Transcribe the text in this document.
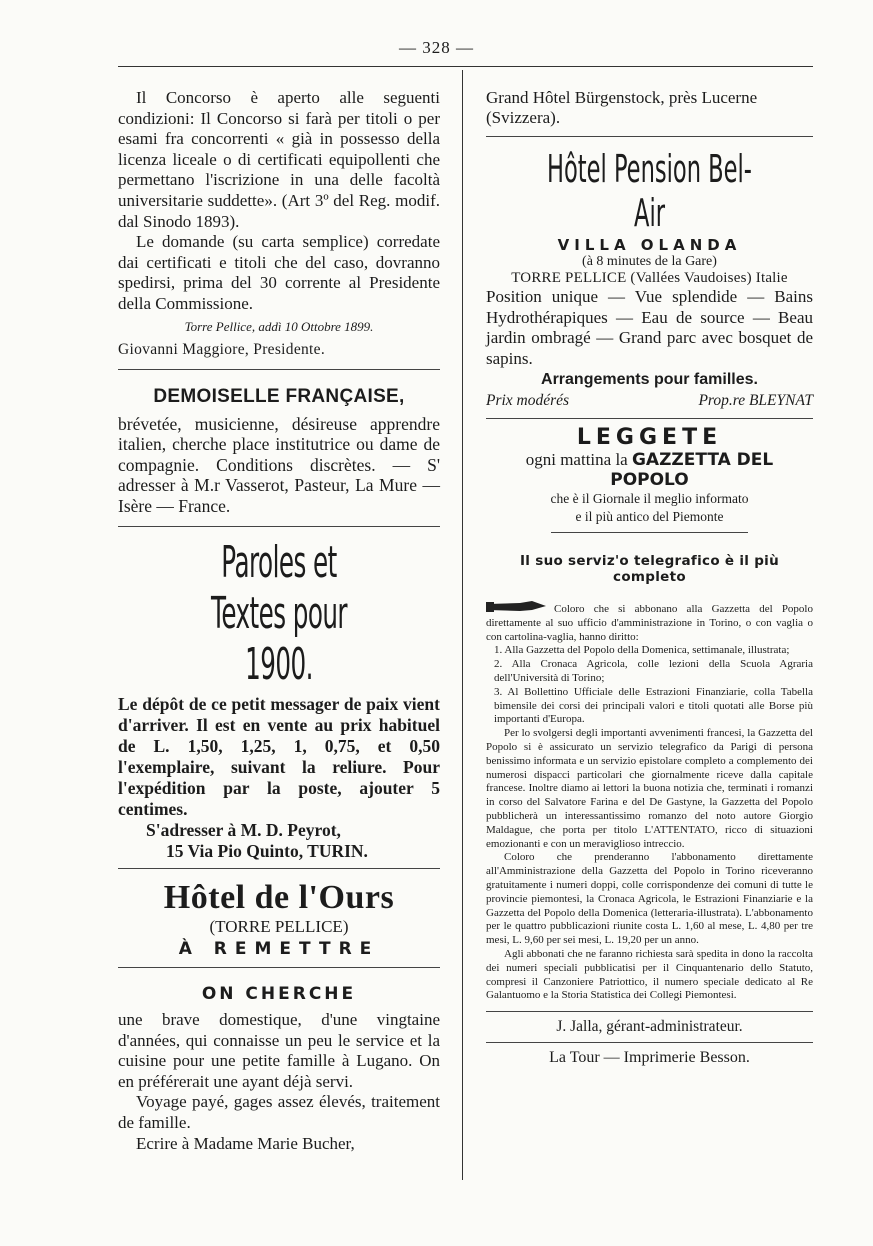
— 328 —

Il Concorso è aperto alle seguenti condizioni: Il Concorso si farà per titoli o per esami fra concorrenti « già in possesso della licenza liceale o di certificati equipollenti che permettano l'iscrizione in una delle facoltà universitarie suddette». (Art 3º del Reg. modif. dal Sinodo 1893).

Le domande (su carta semplice) corredate dai certificati e titoli che del caso, dovranno spedirsi, prima del 30 corrente al Presidente della Commissione.

Torre Pellice, addì 10 Ottobre 1899.

Giovanni Maggiore, Presidente.

DEMOISELLE FRANÇAISE,

brévetée, musicienne, désireuse apprendre italien, cherche place institutrice ou dame de compagnie. Conditions discrètes. — S' adresser à M.r Vasserot, Pasteur, La Mure — Isère — France.

Paroles et Textes pour 1900.

Le dépôt de ce petit messager de paix vient d'arriver. Il est en vente au prix habituel de L. 1,50, 1,25, 1, 0,75, et 0,50 l'exemplaire, suivant la reliure. Pour l'expédition par la poste, ajouter 5 centimes.

S'adresser à M. D. Peyrot,

15 Via Pio Quinto, TURIN.

Hôtel de l'Ours

(TORRE PELLICE)

À REMETTRE

ON CHERCHE

une brave domestique, d'une vingtaine d'années, qui connaisse un peu le service et la cuisine pour une petite famille à Lugano. On en préférerait une ayant déjà servi.

Voyage payé, gages assez élevés, traitement de famille.

Ecrire à Madame Marie Bucher,

Grand Hôtel Bürgenstock, près Lucerne (Svizzera).

Hôtel Pension Bel-Air

VILLA OLANDA

(à 8 minutes de la Gare)

TORRE PELLICE (Vallées Vaudoises) Italie

Position unique — Vue splendide — Bains Hydrothérapiques — Eau de source — Beau jardin ombragé — Grand parc avec bosquet de sapins.

Arrangements pour familles.

Prix modérés	Prop.re BLEYNAT

LEGGETE

ogni mattina la GAZZETTA DEL POPOLO

che è il Giornale il meglio informato

e il più antico del Piemonte

Il suo serviz'o telegrafico è il più completo

Coloro che si abbonano alla Gazzetta del Popolo direttamente al suo ufficio d'amministrazione in Torino, o con vaglia o con cartolina-vaglia, hanno diritto:

1. Alla Gazzetta del Popolo della Domenica, settimanale, illustrata;

2. Alla Cronaca Agricola, colle lezioni della Scuola Agraria dell'Università di Torino;

3. Al Bollettino Ufficiale delle Estrazioni Finanziarie, colla Tabella bimensile dei corsi dei principali valori e titoli quotati alle Borse più importanti d'Europa.

Per lo svolgersi degli importanti avvenimenti francesi, la Gazzetta del Popolo si è assicurato un servizio telegrafico da Parigi di persona benissimo informata e un servizio epistolare completo a complemento dei numerosi dispacci particolari che giornalmente riceve dalla capitale francese. Inoltre diamo ai lettori la buona notizia che, terminati i romanzi in corso del Salvatore Farina e del De Gastyne, la Gazzetta del Popolo pubblicherà un interessantissimo romanzo del noto autore Giorgio Maldague, che porta per titolo L'ATTENTATO, ricco di situazioni emozionanti e con un meraviglioso intreccio.

Coloro che prenderanno l'abbonamento direttamente all'Amministrazione della Gazzetta del Popolo in Torino riceveranno gratuitamente i numeri doppi, colle corrispondenze dei comuni di tutte le provincie piemontesi, la Cronaca Agricola, le Estrazioni Finanziarie e la Gazzetta del Popolo della Domenica (letteraria-illustrata). L'abbonamento per le quattro pubblicazioni riunite costa L. 1,60 al mese, L. 4,80 per tre mesi, L. 9,60 per sei mesi, L. 19,20 per un anno.

Agli abbonati che ne faranno richiesta sarà spedita in dono la raccolta dei numeri speciali pubblicatisi per il Cinquantenario dello Statuto, compresi il Canzoniere Patriottico, il numero speciale dedicato al Re Galantuomo e la Storia Statistica dei Collegi Piemontesi.

J. Jalla, gérant-administrateur.

La Tour — Imprimerie Besson.
